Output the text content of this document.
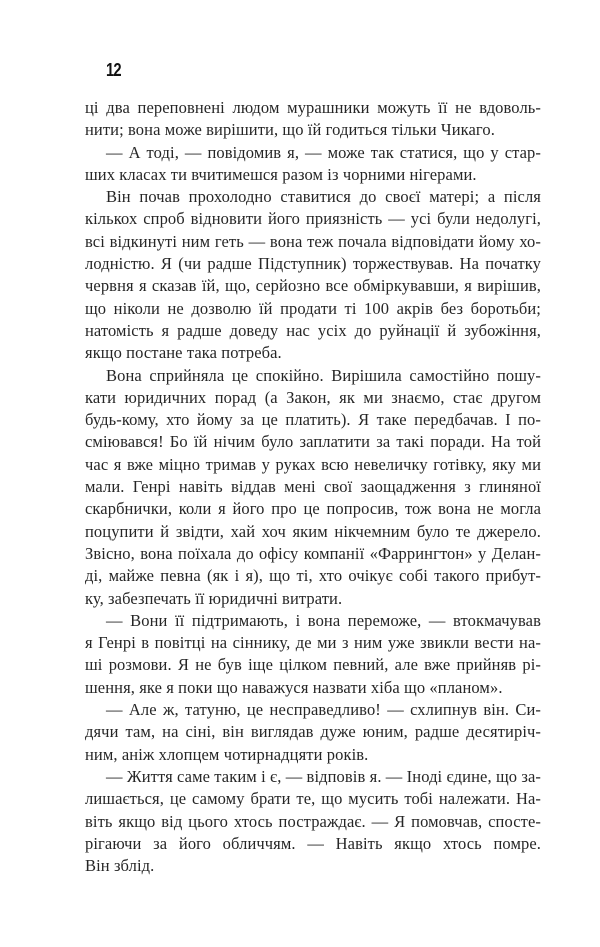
12
ці два переповнені людом мурашники можуть її не вдоволь-
нити; вона може вирішити, що їй годиться тільки Чикаго.
— А тоді, — повідомив я, — може так статися, що у стар-
ших класах ти вчитимешся разом із чорними нігерами.
Він почав прохолодно ставитися до своєї матері; а після
кількох спроб відновити його приязність — усі були недолугі,
всі відкинуті ним геть — вона теж почала відповідати йому хо-
лодністю. Я (чи радше Підступник) торжествував. На початку
червня я сказав їй, що, серйозно все обміркувавши, я вирішив,
що ніколи не дозволю їй продати ті 100 акрів без боротьби;
натомість я радше доведу нас усіх до руйнації й зубожіння,
якщо постане така потреба.
Вона сприйняла це спокійно. Вирішила самостійно пошу-
кати юридичних порад (а Закон, як ми знаємо, стає другом
будь-кому, хто йому за це платить). Я таке передбачав. І по-
сміювався! Бо їй нічим було заплатити за такі поради. На той
час я вже міцно тримав у руках всю невеличку готівку, яку ми
мали. Генрі навіть віддав мені свої заощадження з глиняної
скарбнички, коли я його про це попросив, тож вона не могла
поцупити й звідти, хай хоч яким нікчемним було те джерело.
Звісно, вона поїхала до офісу компанії «Фаррингтон» у Делан-
ді, майже певна (як і я), що ті, хто очікує собі такого прибут-
ку, забезпечать її юридичні витрати.
— Вони її підтримають, і вона переможе, — втокмачував
я Генрі в повітці на сіннику, де ми з ним уже звикли вести на-
ші розмови. Я не був іще цілком певний, але вже прийняв рі-
шення, яке я поки що наважуся назвати хіба що «планом».
— Але ж, татуню, це несправедливо! — схлипнув він. Си-
дячи там, на сіні, він виглядав дуже юним, радше десятиріч-
ним, аніж хлопцем чотирнадцяти років.
— Життя саме таким і є, — відповів я. — Іноді єдине, що за-
лишається, це самому брати те, що мусить тобі належати. На-
віть якщо від цього хтось постраждає. — Я помовчав, спосте-
рігаючи за його обличчям. — Навіть якщо хтось помре.
Він зблід.
